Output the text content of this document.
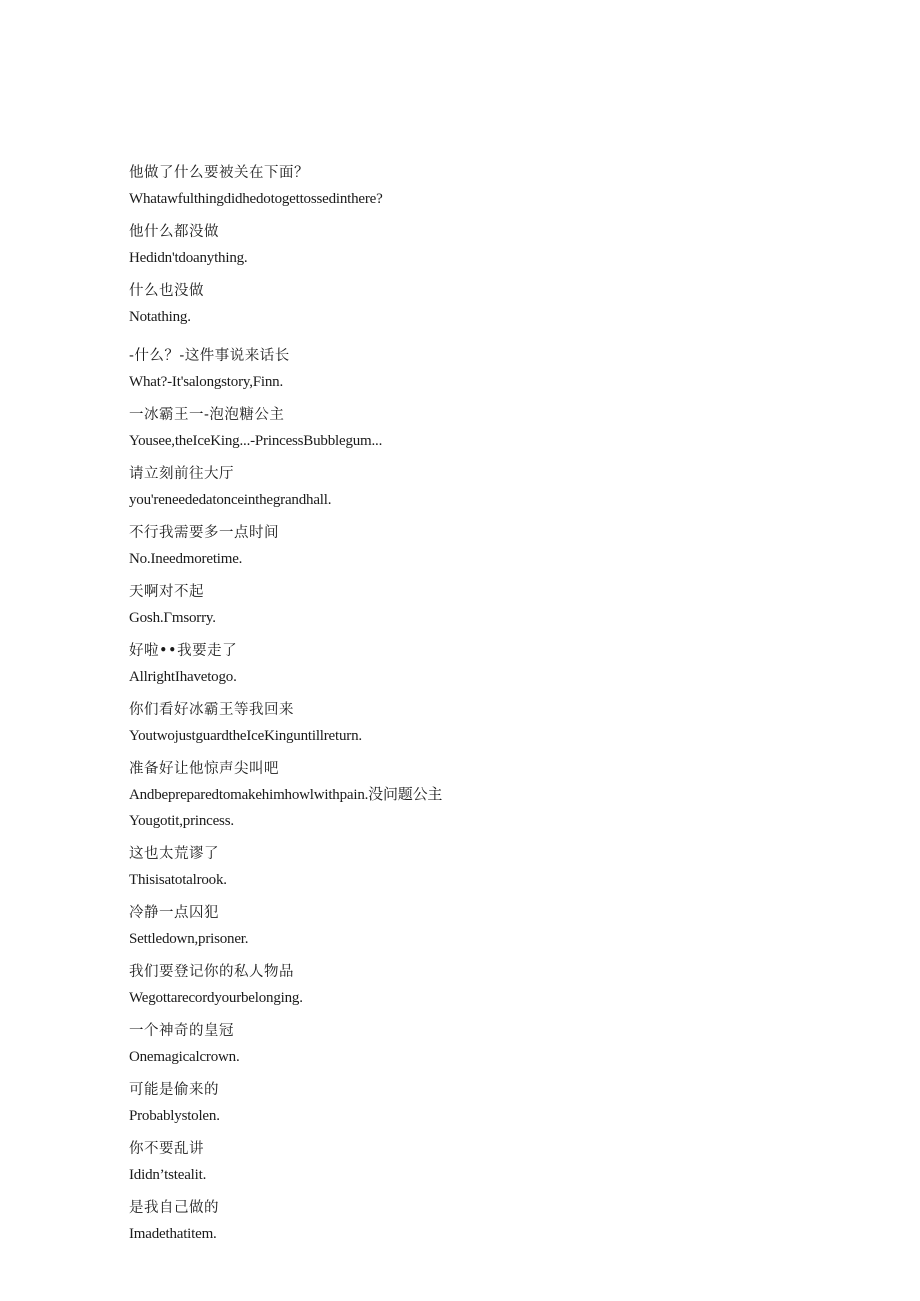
他做了什么要被关在下面？
Whatawfulthingdidhedotogettossedinthere?
他什么都没做
Hedidn'tdoanything.
什么也没做
Notathing.
-什么？-这件事说来话长
What?-It'salongstory,Finn.
一冰霸王一-泡泡糖公主
Yousee,theIceKing...-PrincessBubblegum...
请立刻前往大厅
you'reneededatonceinthegrandhall.
不行我需要多一点时间
No.Ineedmoretime.
天啊对不起
Gosh.Γmsorry.
好啦••我要走了
AllrightIhavetogo.
你们看好冰霸王等我回来
YoutwojustguardtheIceKinguntillreturn.
准备好让他惊声尖叫吧
Andbepreparedtomakehimhowlwithpain.没问题公主
Yougotit,princess.
这也太荒谬了
Thisisatotalrook.
冷静一点囚犯
Settledown,prisoner.
我们要登记你的私人物品
Wegottarecordyourbelonging.
一个神奇的皇冠
Onemagicalcrown.
可能是偷来的
Probablystolen.
你不要乱讲
Ididn’tstealit.
是我自己做的
Imadethatitem.
